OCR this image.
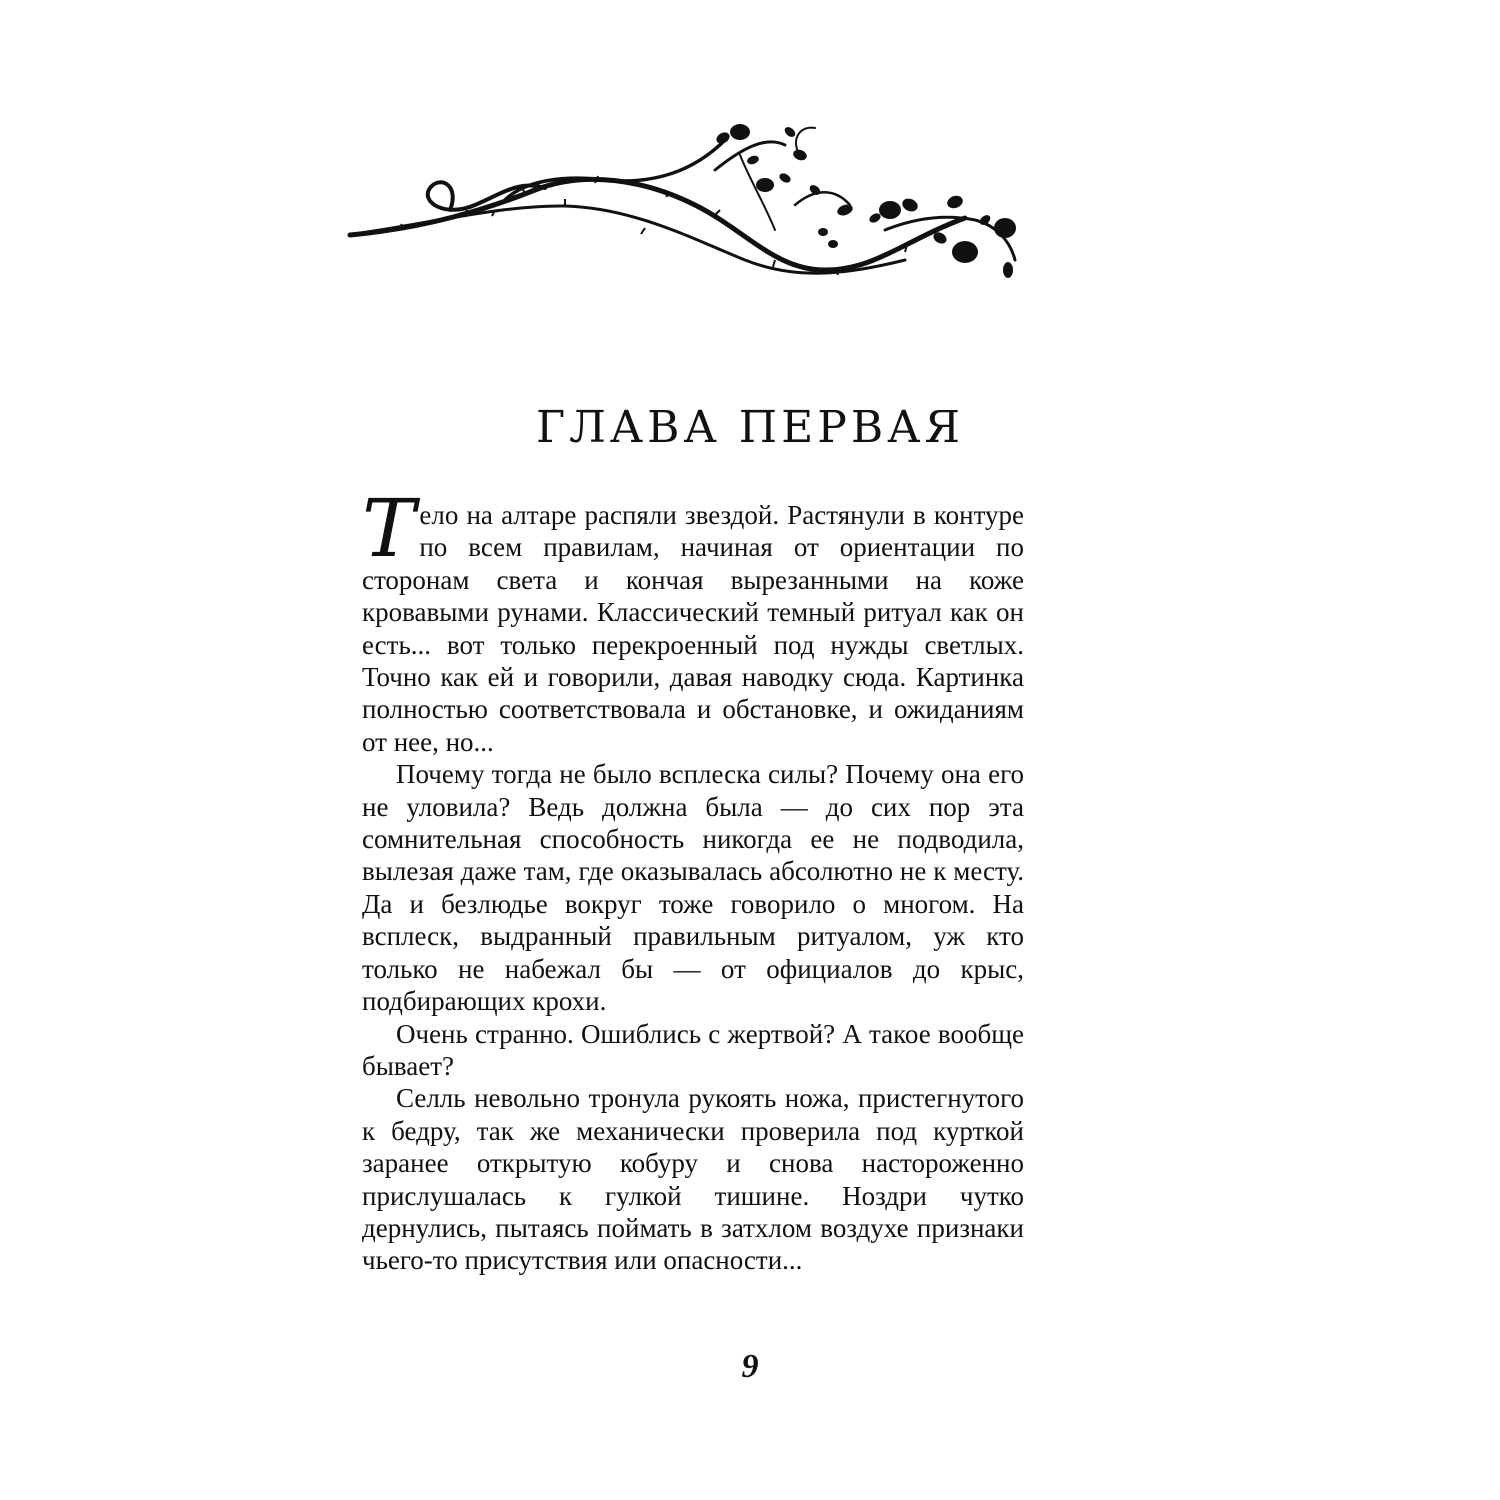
ГЛАВА ПЕРВАЯ

Тело на алтаре распяли звездой. Растянули в контуре по всем правилам, начиная от ориентации по сторонам света и кончая вырезанными на коже кровавыми рунами. Классический темный ритуал как он есть... вот только перекроенный под нужды светлых. Точно как ей и говорили, давая наводку сюда. Картинка полностью соответствовала и обстановке, и ожиданиям от нее, но...

Почему тогда не было всплеска силы? Почему она его не уловила? Ведь должна была — до сих пор эта сомнительная способность никогда ее не подводила, вылезая даже там, где оказывалась абсолютно не к месту. Да и безлюдье вокруг тоже говорило о многом. На всплеск, выдранный правильным ритуалом, уж кто только не набежал бы — от официалов до крыс, подбирающих крохи.

Очень странно. Ошиблись с жертвой? А такое вообще бывает?

Селль невольно тронула рукоять ножа, пристегнутого к бедру, так же механически проверила под курткой заранее открытую кобуру и снова настороженно прислушалась к гулкой тишине. Ноздри чутко дернулись, пытаясь поймать в затхлом воздухе признаки чьего-то присутствия или опасности...

9
